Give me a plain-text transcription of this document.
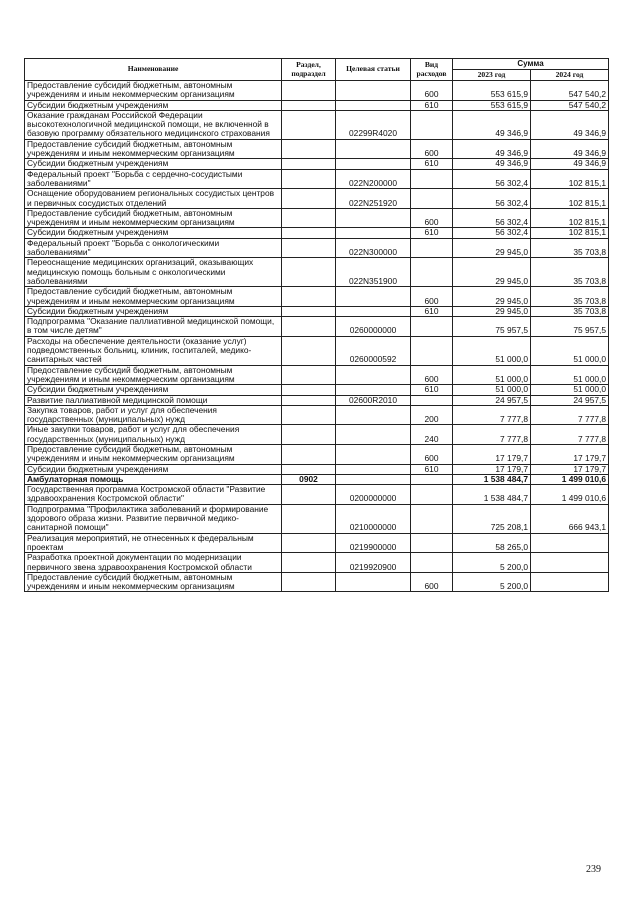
Наименование	Раздел, подраздел	Целевая статьи	Вид расходов	Сумма	
				2023 год	2024 год
Предоставление субсидий бюджетным, автономным учреждениям и иным некоммерческим организациям			600	553 615,9	547 540,2
Субсидии бюджетным учреждениям			610	553 615,9	547 540,2
Оказание гражданам Российской Федерации высокотехнологичной медицинской помощи, не включенной в базовую программу обязательного медицинского страхования		02299R4020		49 346,9	49 346,9
Предоставление субсидий бюджетным, автономным учреждениям и иным некоммерческим организациям			600	49 346,9	49 346,9
Субсидии бюджетным учреждениям			610	49 346,9	49 346,9
Федеральный проект "Борьба с сердечно-сосудистыми заболеваниями"		022N200000		56 302,4	102 815,1
Оснащение оборудованием региональных сосудистых центров и первичных сосудистых отделений		022N251920		56 302,4	102 815,1
Предоставление субсидий бюджетным, автономным учреждениям и иным некоммерческим организациям			600	56 302,4	102 815,1
Субсидии бюджетным учреждениям			610	56 302,4	102 815,1
Федеральный проект "Борьба с онкологическими заболеваниями"		022N300000		29 945,0	35 703,8
Переоснащение медицинских организаций, оказывающих медицинскую помощь больным с онкологическими заболеваниями		022N351900		29 945,0	35 703,8
Предоставление субсидий бюджетным, автономным учреждениям и иным некоммерческим организациям			600	29 945,0	35 703,8
Субсидии бюджетным учреждениям			610	29 945,0	35 703,8
Подпрограмма "Оказание паллиативной медицинской помощи, в том числе детям"		0260000000		75 957,5	75 957,5
Расходы на обеспечение деятельности (оказание услуг) подведомственных больниц, клиник, госпиталей, медико-санитарных частей		0260000592		51 000,0	51 000,0
Предоставление субсидий бюджетным, автономным учреждениям и иным некоммерческим организациям			600	51 000,0	51 000,0
Субсидии бюджетным учреждениям			610	51 000,0	51 000,0
Развитие паллиативной медицинской помощи		02600R2010		24 957,5	24 957,5
Закупка товаров, работ и услуг для обеспечения государственных (муниципальных) нужд			200	7 777,8	7 777,8
Иные закупки товаров, работ и услуг для обеспечения государственных (муниципальных) нужд			240	7 777,8	7 777,8
Предоставление субсидий бюджетным, автономным учреждениям и иным некоммерческим организациям			600	17 179,7	17 179,7
Субсидии бюджетным учреждениям			610	17 179,7	17 179,7
Амбулаторная помощь	0902			1 538 484,7	1 499 010,6
Государственная программа Костромской области "Развитие здравоохранения Костромской области"		0200000000		1 538 484,7	1 499 010,6
Подпрограмма "Профилактика заболеваний и формирование здорового образа жизни. Развитие первичной медико-санитарной помощи"		0210000000		725 208,1	666 943,1
Реализация мероприятий, не отнесенных к федеральным проектам		0219900000		58 265,0	
Разработка проектной документации по модернизации первичного звена здравоохранения Костромской области		0219920900		5 200,0	
Предоставление субсидий бюджетным, автономным учреждениям и иным некоммерческим организациям			600	5 200,0	
239
